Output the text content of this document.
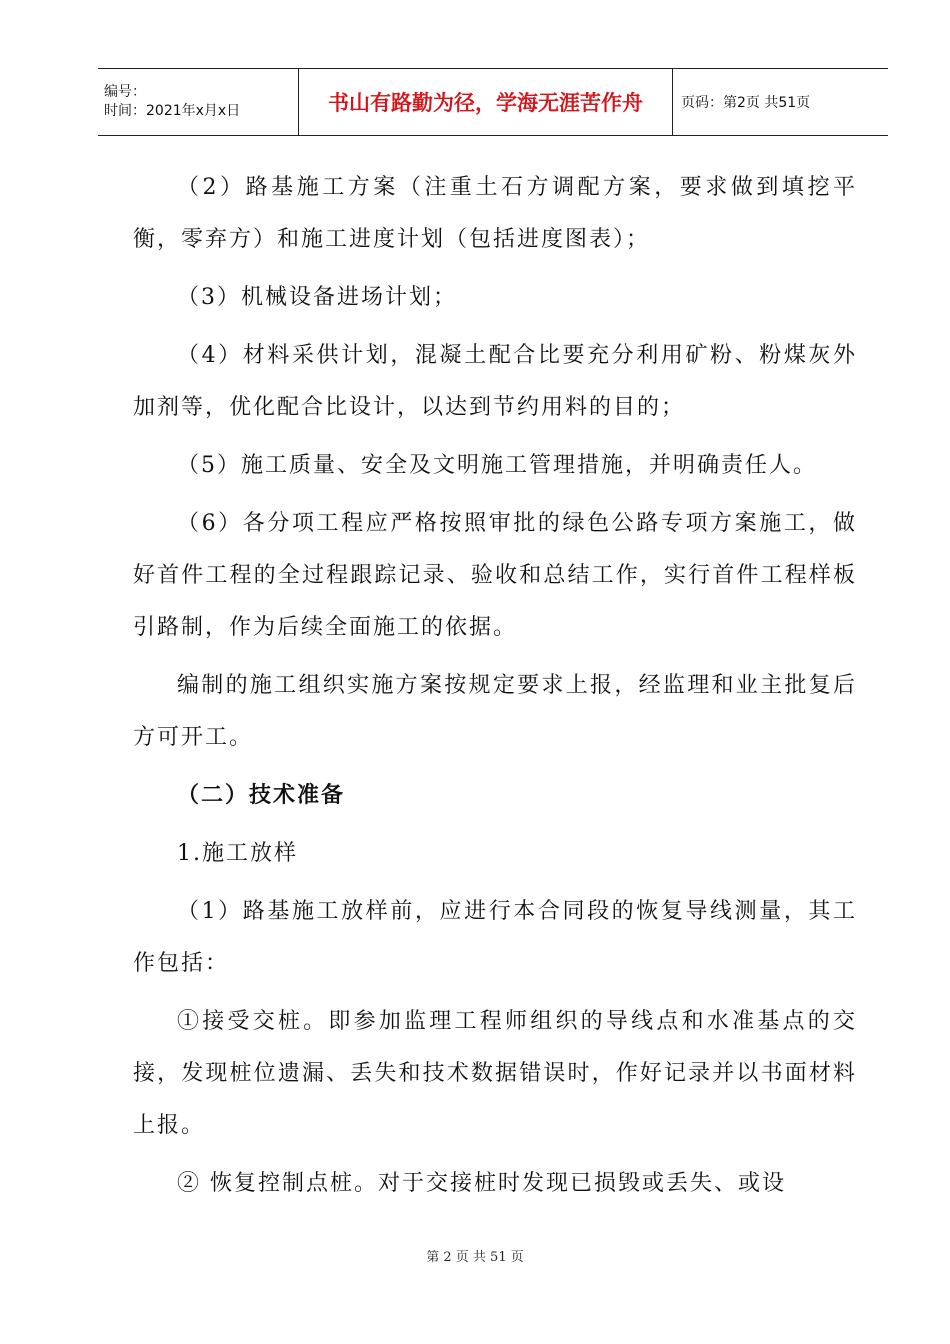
编号：
时间：2021年x月x日	书山有路勤为径，学海无涯苦作舟	页码：第2页 共51页

（2）路基施工方案（注重土石方调配方案，要求做到填挖平衡，零弃方）和施工进度计划（包括进度图表）；

（3）机械设备进场计划；

（4）材料采供计划，混凝土配合比要充分利用矿粉、粉煤灰外加剂等，优化配合比设计，以达到节约用料的目的；

（5）施工质量、安全及文明施工管理措施，并明确责任人。

（6）各分项工程应严格按照审批的绿色公路专项方案施工，做好首件工程的全过程跟踪记录、验收和总结工作，实行首件工程样板引路制，作为后续全面施工的依据。

编制的施工组织实施方案按规定要求上报，经监理和业主批复后方可开工。

（二）技术准备

1.施工放样

（1）路基施工放样前，应进行本合同段的恢复导线测量，其工作包括：

①接受交桩。即参加监理工程师组织的导线点和水准基点的交接，发现桩位遗漏、丢失和技术数据错误时，作好记录并以书面材料上报。

② 恢复控制点桩。对于交接桩时发现已损毁或丢失、或设

第 2 页 共 51 页
